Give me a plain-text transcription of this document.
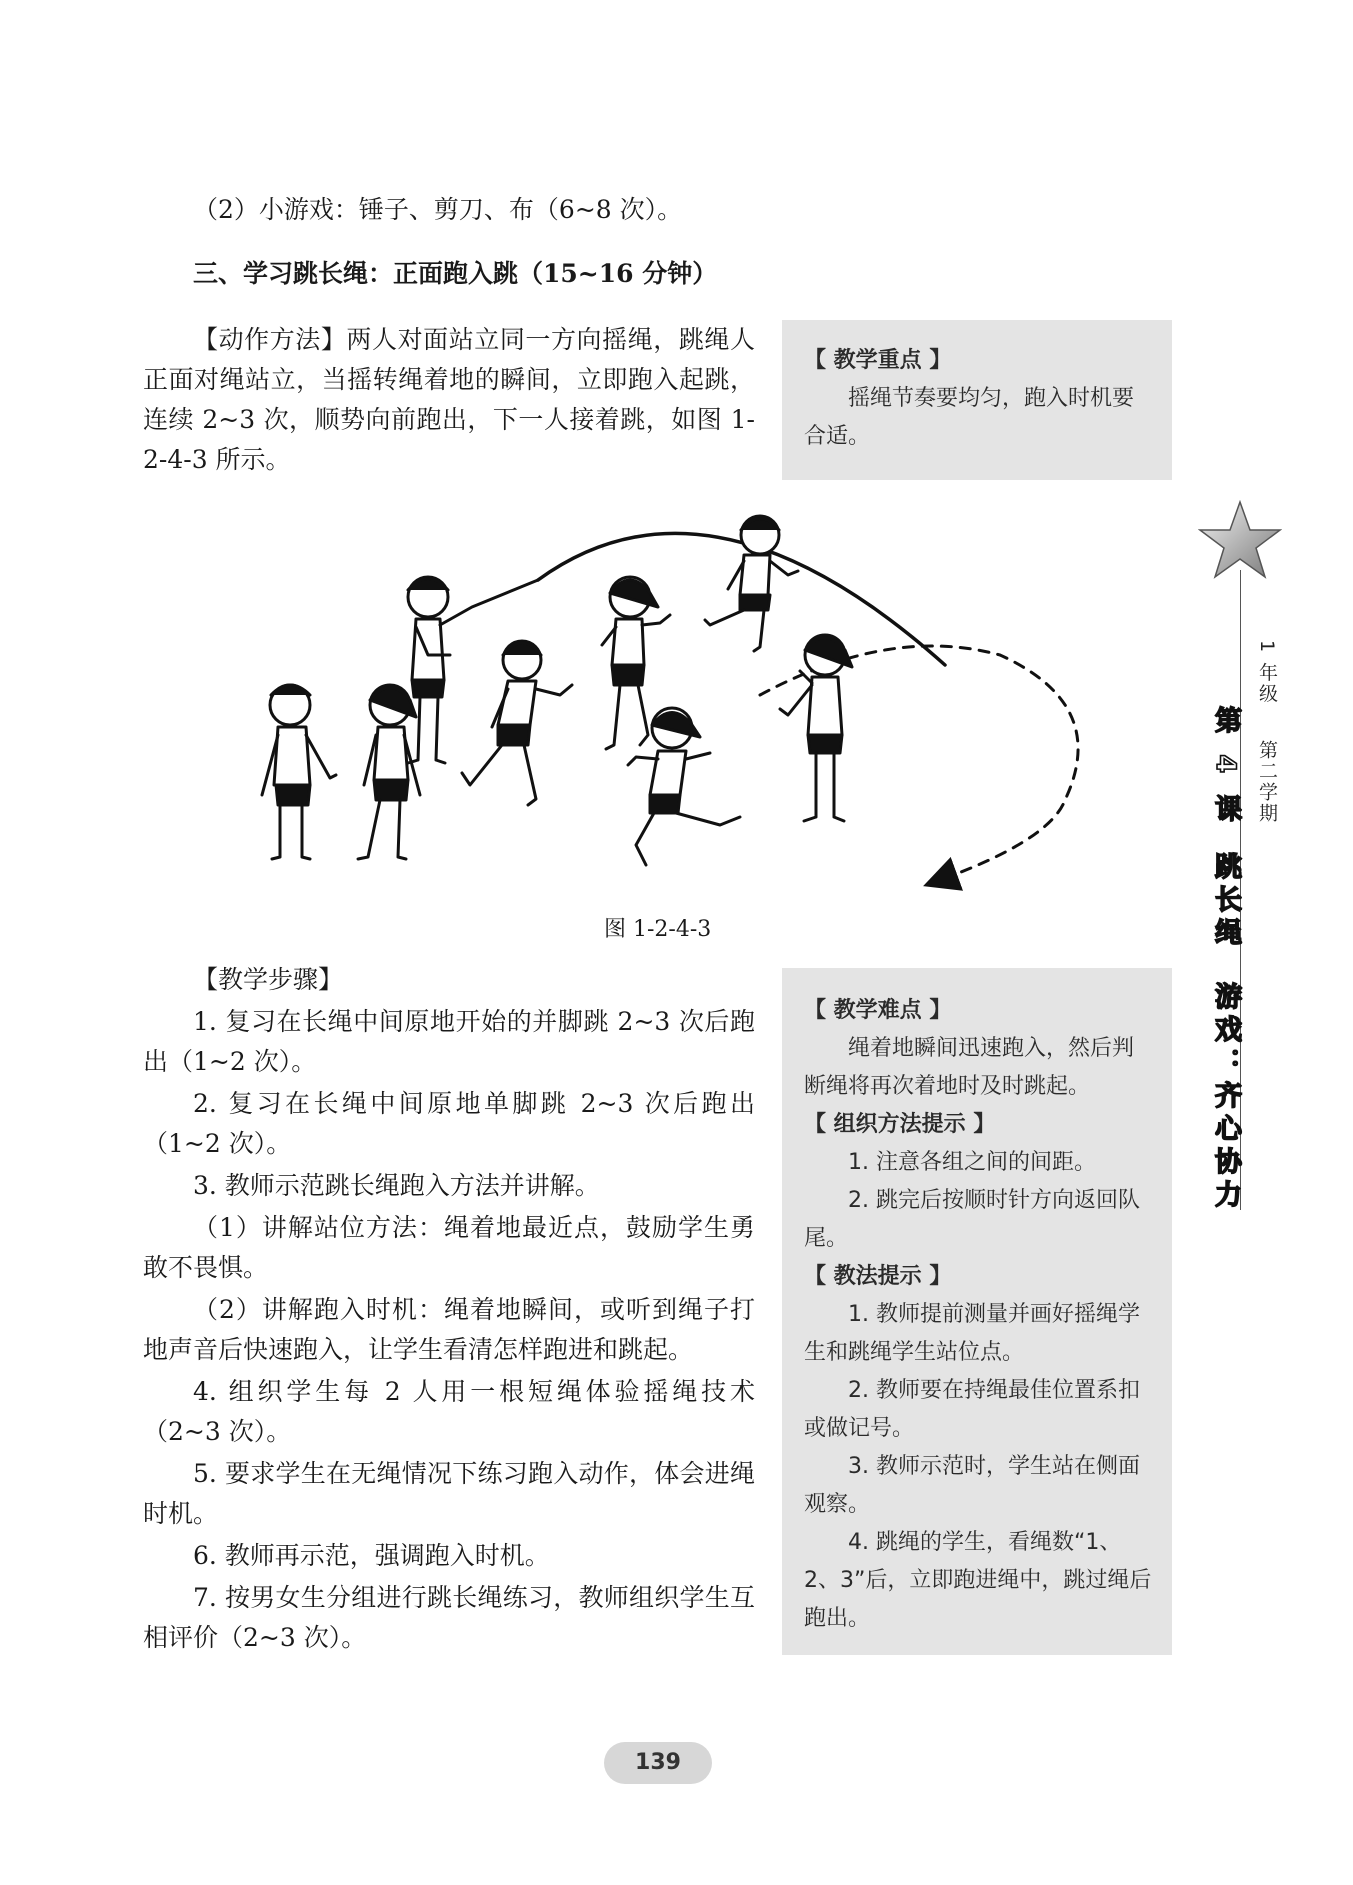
（2）小游戏：锤子、剪刀、布（6~8 次）。

三、学习跳长绳：正面跑入跳（15~16 分钟）

【动作方法】两人对面站立同一方向摇绳，跳绳人正面对绳站立，当摇转绳着地的瞬间，立即跑入起跳，连续 2~3 次，顺势向前跑出，下一人接着跳，如图 1-2-4-3 所示。

【 教学重点 】

摇绳节奏要均匀，跑入时机要合适。

图 1-2-4-3

【教学步骤】

1. 复习在长绳中间原地开始的并脚跳 2~3 次后跑出（1~2 次）。

2. 复习在长绳中间原地单脚跳 2~3 次后跑出（1~2 次）。

3. 教师示范跳长绳跑入方法并讲解。

（1）讲解站位方法：绳着地最近点，鼓励学生勇敢不畏惧。

（2）讲解跑入时机：绳着地瞬间，或听到绳子打地声音后快速跑入，让学生看清怎样跑进和跳起。

4. 组织学生每 2 人用一根短绳体验摇绳技术（2~3 次）。

5. 要求学生在无绳情况下练习跑入动作，体会进绳时机。

6. 教师再示范，强调跑入时机。

7. 按男女生分组进行跳长绳练习，教师组织学生互相评价（2~3 次）。

【 教学难点 】

绳着地瞬间迅速跑入，然后判断绳将再次着地时及时跳起。

【 组织方法提示 】

1. 注意各组之间的间距。

2. 跳完后按顺时针方向返回队尾。

【 教法提示 】

1. 教师提前测量并画好摇绳学生和跳绳学生站位点。

2. 教师要在持绳最佳位置系扣或做记号。

3. 教师示范时，学生站在侧面观察。

4. 跳绳的学生，看绳数“1、2、3”后，立即跑进绳中，跳过绳后跑出。

1 年级
第二学期
第 4 课
跳长绳
游戏：齐心协力
139
